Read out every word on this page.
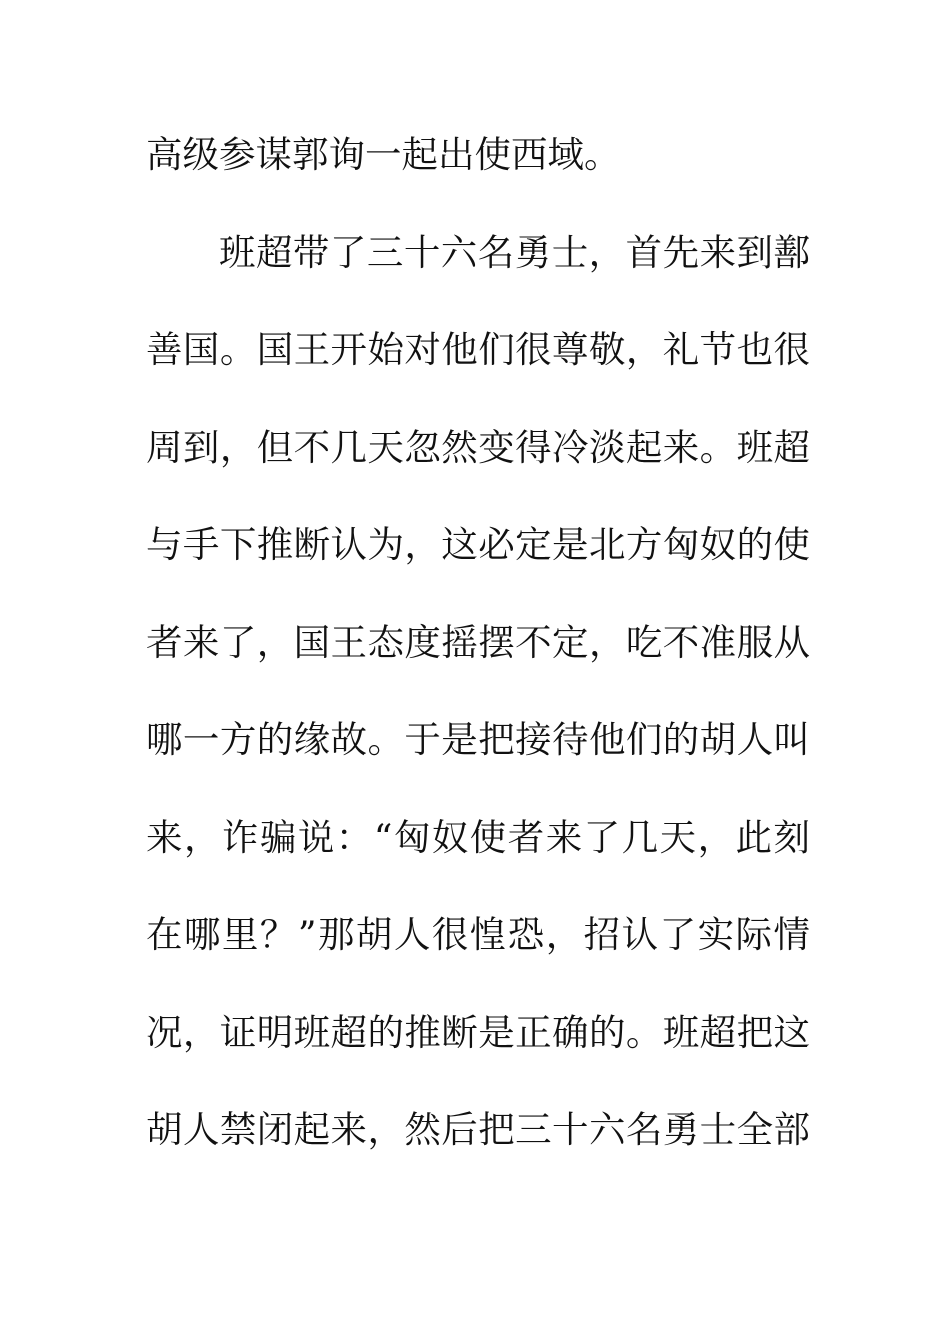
高级参谋郭询一起出使西域。
班超带了三十六名勇士，首先来到鄯
善国。国王开始对他们很尊敬，礼节也很
周到，但不几天忽然变得冷淡起来。班超
与手下推断认为，这必定是北方匈奴的使
者来了，国王态度摇摆不定，吃不准服从
哪一方的缘故。于是把接待他们的胡人叫
来，诈骗说：“匈奴使者来了几天，此刻
在哪里？”那胡人很惶恐，招认了实际情
况，证明班超的推断是正确的。班超把这
胡人禁闭起来，然后把三十六名勇士全部
